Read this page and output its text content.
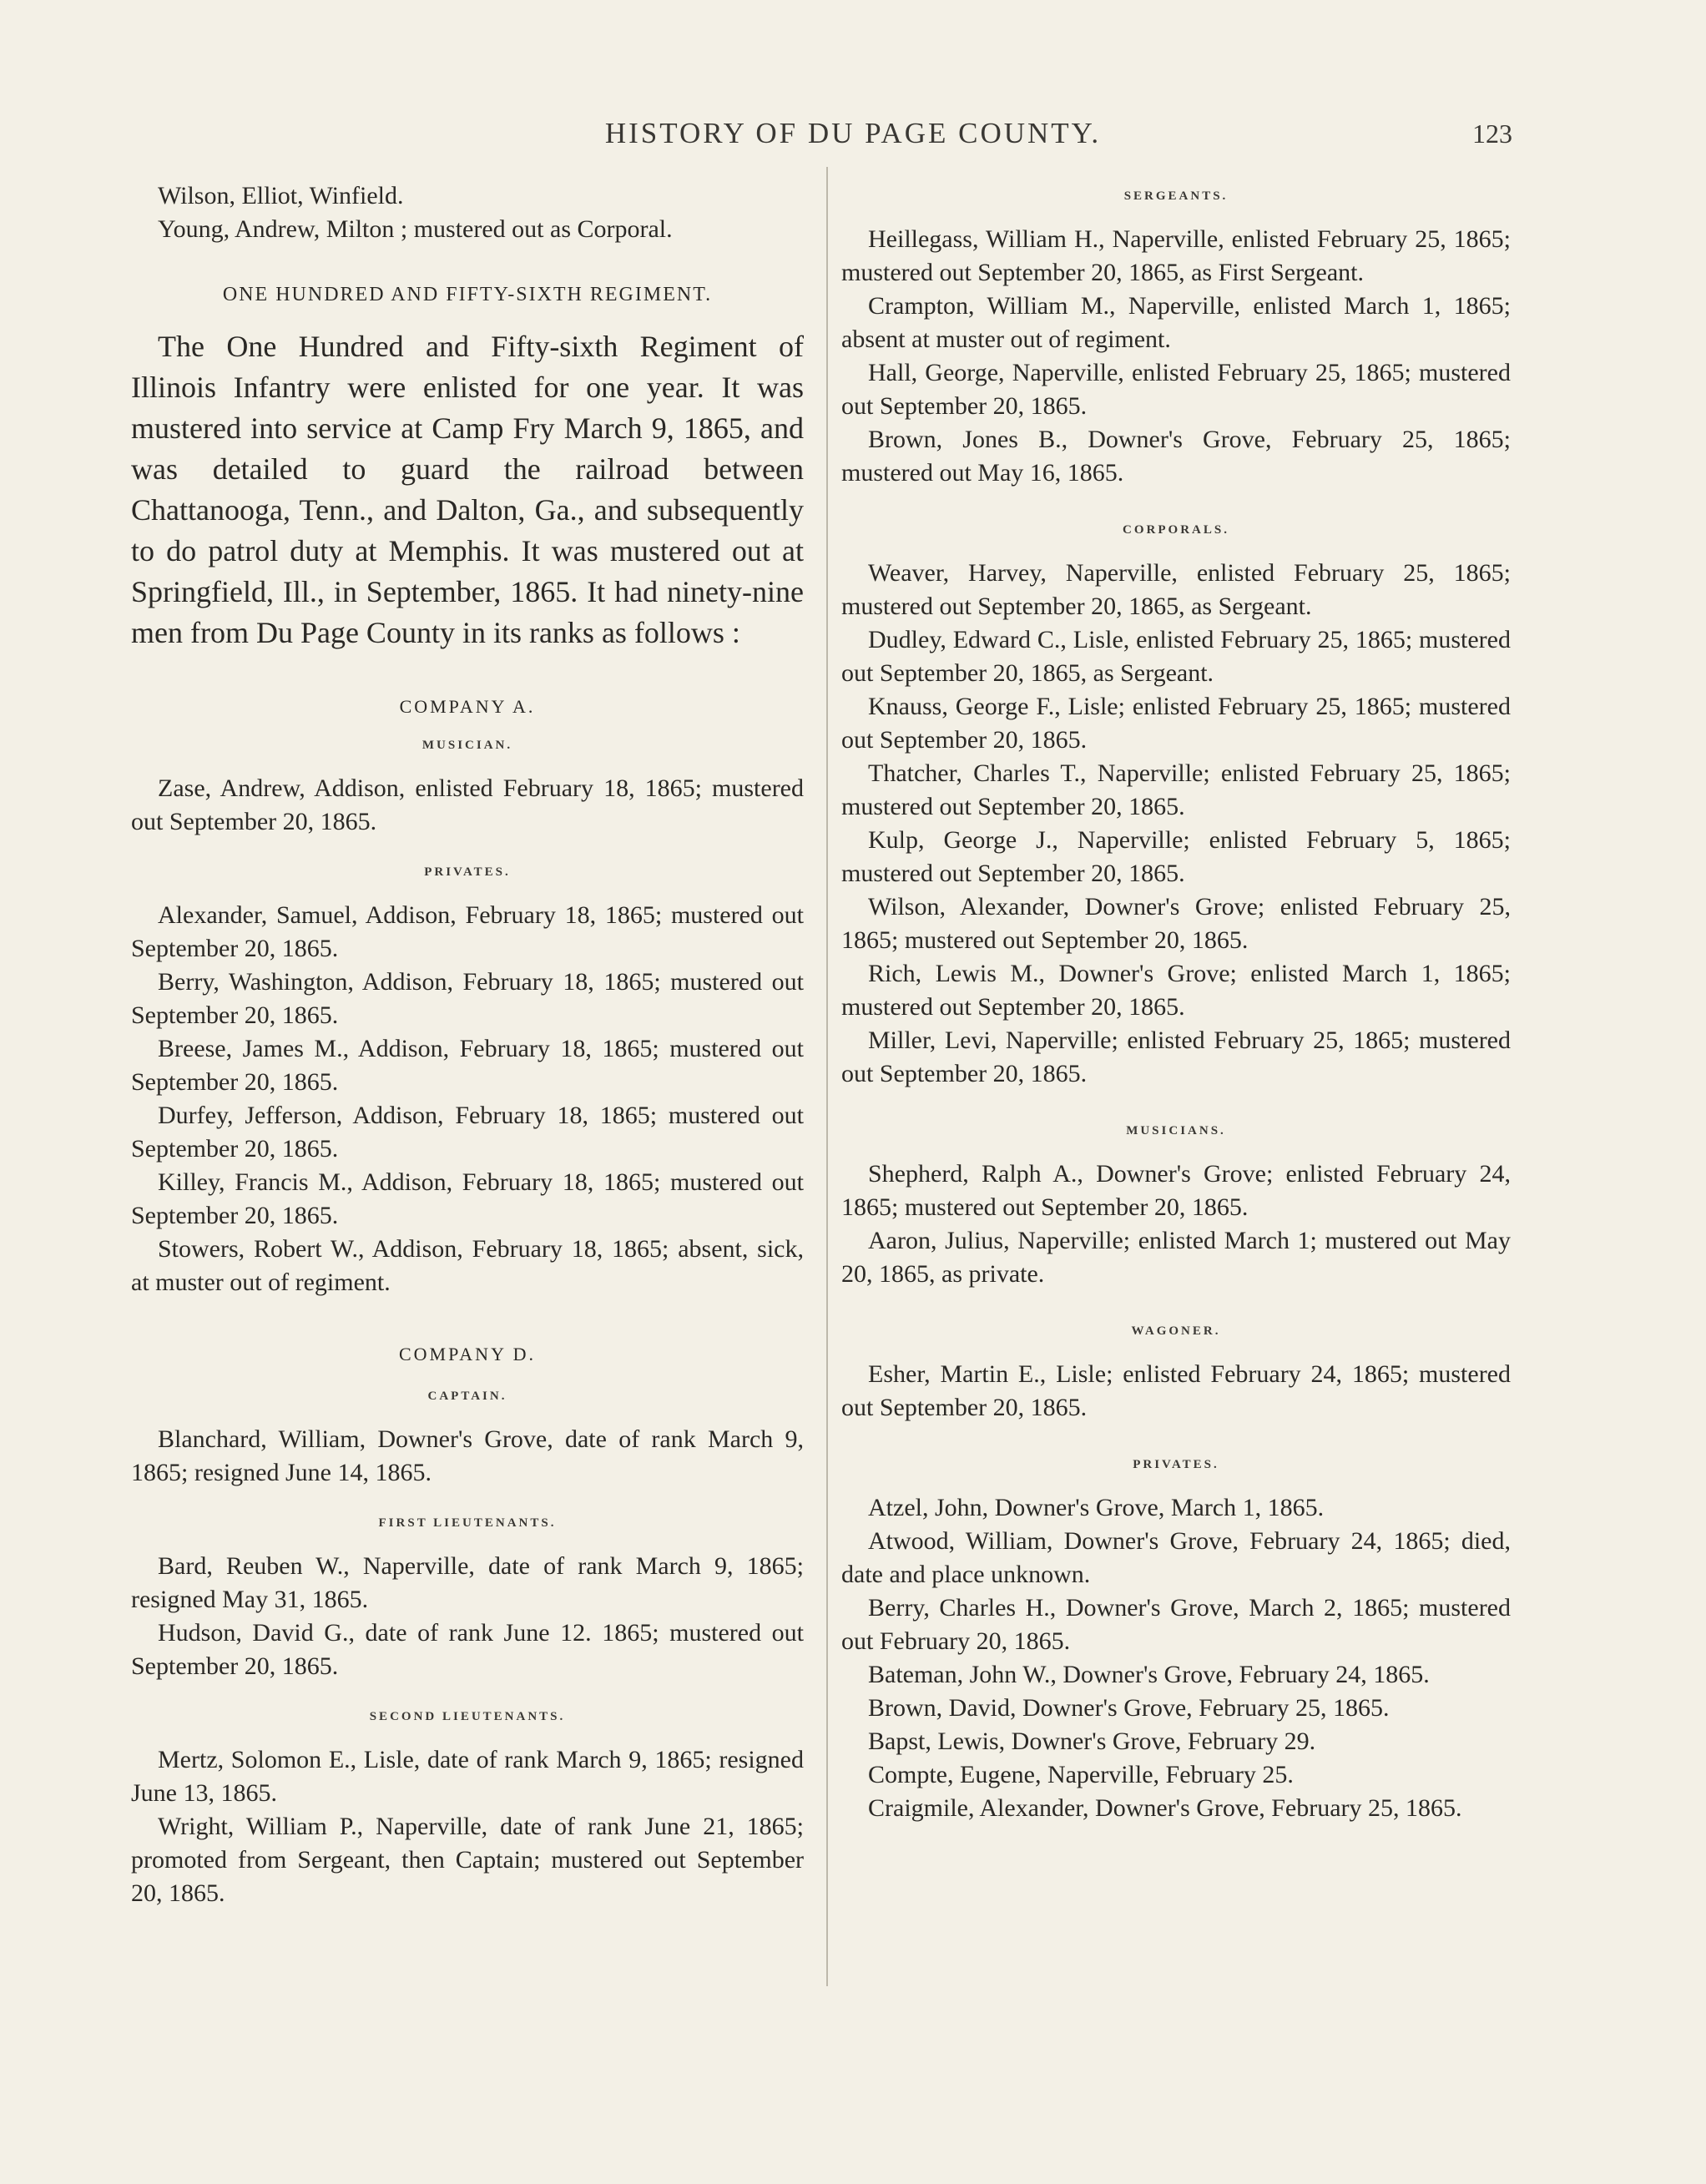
HISTORY OF DU PAGE COUNTY.	123

Wilson, Elliot, Winfield.

Young, Andrew, Milton ; mustered out as Corporal.

ONE HUNDRED AND FIFTY-SIXTH REGIMENT.

The One Hundred and Fifty-sixth Regiment of Illinois Infantry were enlisted for one year. It was mustered into service at Camp Fry March 9, 1865, and was detailed to guard the railroad between Chattanooga, Tenn., and Dalton, Ga., and subsequently to do patrol duty at Memphis. It was mustered out at Springfield, Ill., in September, 1865. It had ninety-nine men from Du Page County in its ranks as follows :

COMPANY A.
MUSICIAN.

Zase, Andrew, Addison, enlisted February 18, 1865; mustered out September 20, 1865.

PRIVATES.

Alexander, Samuel, Addison, February 18, 1865; mustered out September 20, 1865.

Berry, Washington, Addison, February 18, 1865; mustered out September 20, 1865.

Breese, James M., Addison, February 18, 1865; mustered out September 20, 1865.

Durfey, Jefferson, Addison, February 18, 1865; mustered out September 20, 1865.

Killey, Francis M., Addison, February 18, 1865; mustered out September 20, 1865.

Stowers, Robert W., Addison, February 18, 1865; absent, sick, at muster out of regiment.

COMPANY D.
CAPTAIN.

Blanchard, William, Downer's Grove, date of rank March 9, 1865; resigned June 14, 1865.

FIRST LIEUTENANTS.

Bard, Reuben W., Naperville, date of rank March 9, 1865; resigned May 31, 1865.

Hudson, David G., date of rank June 12. 1865; mustered out September 20, 1865.

SECOND LIEUTENANTS.

Mertz, Solomon E., Lisle, date of rank March 9, 1865; resigned June 13, 1865.

Wright, William P., Naperville, date of rank June 21, 1865; promoted from Sergeant, then Captain; mustered out September 20, 1865.

SERGEANTS.

Heillegass, William H., Naperville, enlisted February 25, 1865; mustered out September 20, 1865, as First Sergeant.

Crampton, William M., Naperville, enlisted March 1, 1865; absent at muster out of regiment.

Hall, George, Naperville, enlisted February 25, 1865; mustered out September 20, 1865.

Brown, Jones B., Downer's Grove, February 25, 1865; mustered out May 16, 1865.

CORPORALS.

Weaver, Harvey, Naperville, enlisted February 25, 1865; mustered out September 20, 1865, as Sergeant.

Dudley, Edward C., Lisle, enlisted February 25, 1865; mustered out September 20, 1865, as Sergeant.

Knauss, George F., Lisle; enlisted February 25, 1865; mustered out September 20, 1865.

Thatcher, Charles T., Naperville; enlisted February 25, 1865; mustered out September 20, 1865.

Kulp, George J., Naperville; enlisted February 5, 1865; mustered out September 20, 1865.

Wilson, Alexander, Downer's Grove; enlisted February 25, 1865; mustered out September 20, 1865.

Rich, Lewis M., Downer's Grove; enlisted March 1, 1865; mustered out September 20, 1865.

Miller, Levi, Naperville; enlisted February 25, 1865; mustered out September 20, 1865.

MUSICIANS.

Shepherd, Ralph A., Downer's Grove; enlisted February 24, 1865; mustered out September 20, 1865.

Aaron, Julius, Naperville; enlisted March 1; mustered out May 20, 1865, as private.

WAGONER.

Esher, Martin E., Lisle; enlisted February 24, 1865; mustered out September 20, 1865.

PRIVATES.

Atzel, John, Downer's Grove, March 1, 1865.

Atwood, William, Downer's Grove, February 24, 1865; died, date and place unknown.

Berry, Charles H., Downer's Grove, March 2, 1865; mustered out February 20, 1865.

Bateman, John W., Downer's Grove, February 24, 1865.

Brown, David, Downer's Grove, February 25, 1865.

Bapst, Lewis, Downer's Grove, February 29.

Compte, Eugene, Naperville, February 25.

Craigmile, Alexander, Downer's Grove, February 25, 1865.
